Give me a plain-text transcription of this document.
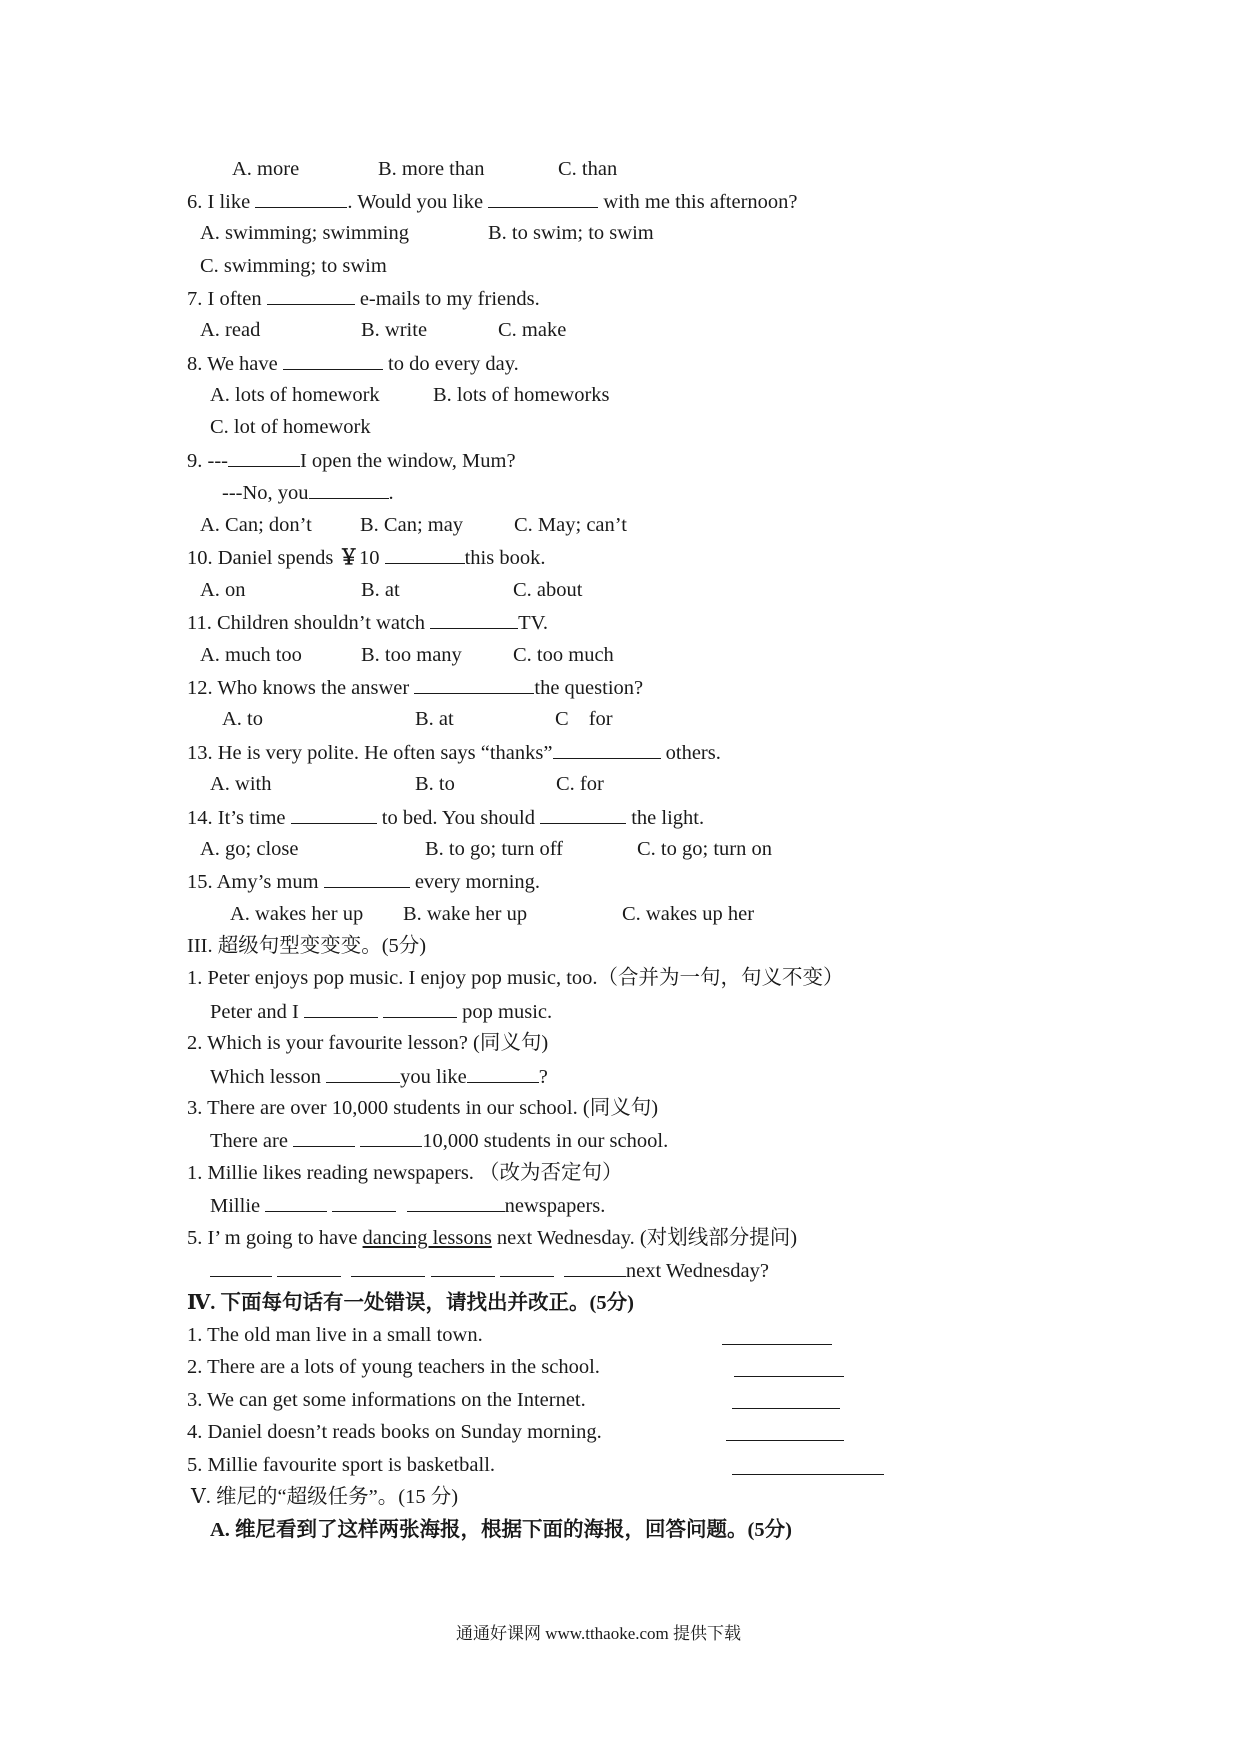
A. more	B. more than	C. than
6. I like	. Would you like	with me this afternoon?
A. swimming; swimming	B. to swim; to swim
C. swimming; to swim
7. I often	e-mails to my friends.
A. read	B. write	C. make
8. We have	to do every day.
A. lots of homework	B. lots of homeworks
C. lot of homework
9. ---	I open the window, Mum?
---No, you	.
A. Can; don’t B. Can; may C. May; can’t
10. Daniel spends ￥10	this book.
A. on	B. at	C. about
11. Children shouldn’t watch	TV.
A. much too	B. too many C. too much
12. Who knows the answer	the question?
A. to	B. at	C for
13. He is very polite. He often says “thanks”	others.
A. with	B. to	C. for
14. It’s time	to bed. You should	the light.
A. go; close	B. to go; turn off	C. to go; turn on
15. Amy’s mum	every morning.
A. wakes her up B. wake her up	C. wakes up her
III. 超级句型变变变。(5分)
1. Peter enjoys pop music. I enjoy pop music, too.（合并为一句，句义不变）
Peter and I	pop music.
2. Which is your favourite lesson? (同义句)
Which lesson	you like	?
3. There are over 10,000 students in our school. (同义句)
There are	10,000 students in our school.
1. Millie likes reading newspapers. （改为否定句）
Millie	newspapers.
5. I’ m going to have dancing lessons next Wednesday. (对划线部分提问)
next Wednesday?
Ⅳ. 下面每句话有一处错误，请找出并改正。(5分)
1. The old man live in a small town.
2. There are a lots of young teachers in the school.
3. We can get some informations on the Internet.
4. Daniel doesn’t reads books on Sunday morning.
5. Millie favourite sport is basketball.
Ⅴ. 维尼的“超级任务”。(15 分)
A. 维尼看到了这样两张海报，根据下面的海报，回答问题。(5分)
通通好课网 www.tthaoke.com 提供下载
